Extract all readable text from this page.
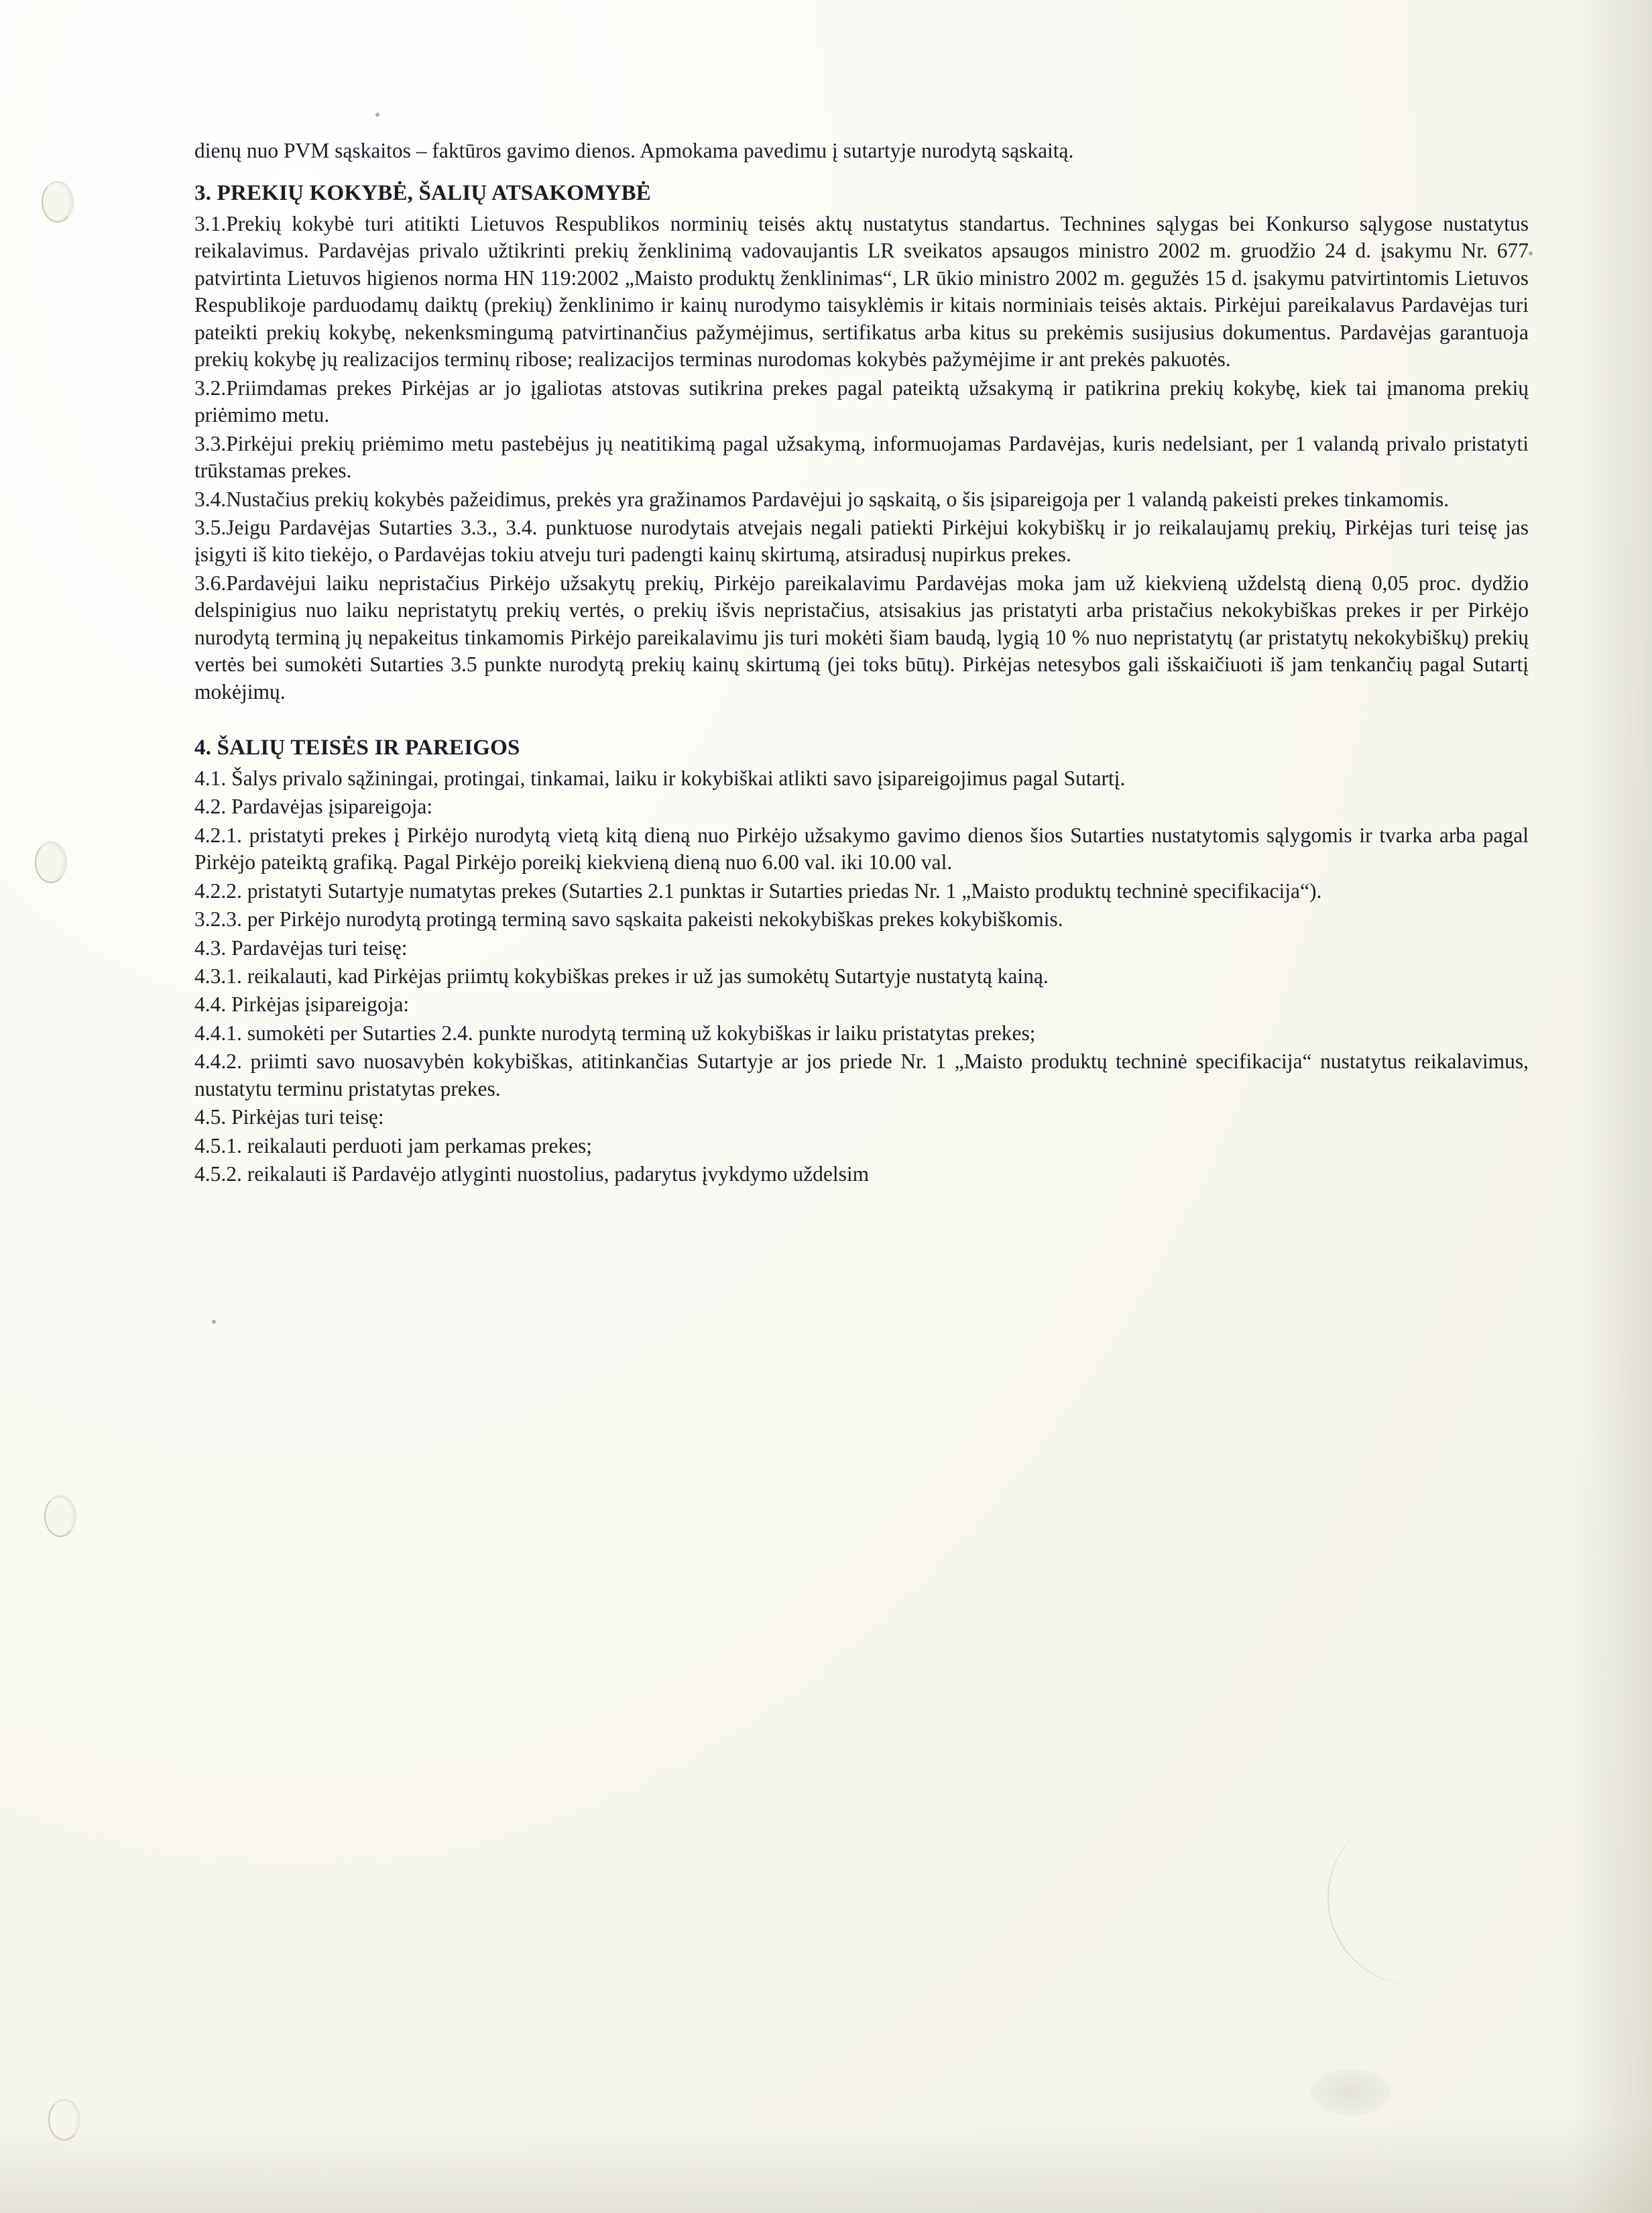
dienų nuo PVM sąskaitos – faktūros gavimo dienos. Apmokama pavedimu į sutartyje nurodytą sąskaitą.

3. PREKIŲ KOKYBĖ, ŠALIŲ ATSAKOMYBĖ

3.1.Prekių kokybė turi atitikti Lietuvos Respublikos norminių teisės aktų nustatytus standartus. Technines sąlygas bei Konkurso sąlygose nustatytus reikalavimus. Pardavėjas privalo užtikrinti prekių ženklinimą vadovaujantis LR sveikatos apsaugos ministro 2002 m. gruodžio 24 d. įsakymu Nr. 677 patvirtinta Lietuvos higienos norma HN 119:2002 „Maisto produktų ženklinimas“, LR ūkio ministro 2002 m. gegužės 15 d. įsakymu patvirtintomis Lietuvos Respublikoje parduodamų daiktų (prekių) ženklinimo ir kainų nurodymo taisyklėmis ir kitais norminiais teisės aktais. Pirkėjui pareikalavus Pardavėjas turi pateikti prekių kokybę, nekenksmingumą patvirtinančius pažymėjimus, sertifikatus arba kitus su prekėmis susijusius dokumentus. Pardavėjas garantuoja prekių kokybę jų realizacijos terminų ribose; realizacijos terminas nurodomas kokybės pažymėjime ir ant prekės pakuotės.

3.2.Priimdamas prekes Pirkėjas ar jo įgaliotas atstovas sutikrina prekes pagal pateiktą užsakymą ir patikrina prekių kokybę, kiek tai įmanoma prekių priėmimo metu.

3.3.Pirkėjui prekių priėmimo metu pastebėjus jų neatitikimą pagal užsakymą, informuojamas Pardavėjas, kuris nedelsiant, per 1 valandą privalo pristatyti trūkstamas prekes.

3.4.Nustačius prekių kokybės pažeidimus, prekės yra gražinamos Pardavėjui jo sąskaitą, o šis įsipareigoja per 1 valandą pakeisti prekes tinkamomis.

3.5.Jeigu Pardavėjas Sutarties 3.3., 3.4. punktuose nurodytais atvejais negali patiekti Pirkėjui kokybiškų ir jo reikalaujamų prekių, Pirkėjas turi teisę jas įsigyti iš kito tiekėjo, o Pardavėjas tokiu atveju turi padengti kainų skirtumą, atsiradusį nupirkus prekes.

3.6.Pardavėjui laiku nepristačius Pirkėjo užsakytų prekių, Pirkėjo pareikalavimu Pardavėjas moka jam už kiekvieną uždelstą dieną 0,05 proc. dydžio delspinigius nuo laiku nepristatytų prekių vertės, o prekių išvis nepristačius, atsisakius jas pristatyti arba pristačius nekokybiškas prekes ir per Pirkėjo nurodytą terminą jų nepakeitus tinkamomis Pirkėjo pareikalavimu jis turi mokėti šiam baudą, lygią 10 % nuo nepristatytų (ar pristatytų nekokybiškų) prekių vertės bei sumokėti Sutarties 3.5 punkte nurodytą prekių kainų skirtumą (jei toks būtų). Pirkėjas netesybos gali išskaičiuoti iš jam tenkančių pagal Sutartį mokėjimų.

4. ŠALIŲ TEISĖS IR PAREIGOS

4.1. Šalys privalo sąžiningai, protingai, tinkamai, laiku ir kokybiškai atlikti savo įsipareigojimus pagal Sutartį.

4.2. Pardavėjas įsipareigoja:

4.2.1. pristatyti prekes į Pirkėjo nurodytą vietą kitą dieną nuo Pirkėjo užsakymo gavimo dienos šios Sutarties nustatytomis sąlygomis ir tvarka arba pagal Pirkėjo pateiktą grafiką. Pagal Pirkėjo poreikį kiekvieną dieną nuo 6.00 val. iki 10.00 val.

4.2.2. pristatyti Sutartyje numatytas prekes (Sutarties 2.1 punktas ir Sutarties priedas Nr. 1 „Maisto produktų techninė specifikacija“).

3.2.3. per Pirkėjo nurodytą protingą terminą savo sąskaita pakeisti nekokybiškas prekes kokybiškomis.

4.3. Pardavėjas turi teisę:

4.3.1. reikalauti, kad Pirkėjas priimtų kokybiškas prekes ir už jas sumokėtų Sutartyje nustatytą kainą.

4.4. Pirkėjas įsipareigoja:

4.4.1. sumokėti per Sutarties 2.4. punkte nurodytą terminą už kokybiškas ir laiku pristatytas prekes;

4.4.2. priimti savo nuosavybėn kokybiškas, atitinkančias Sutartyje ar jos priede Nr. 1 „Maisto produktų techninė specifikacija“ nustatytus reikalavimus, nustatytu terminu pristatytas prekes.

4.5. Pirkėjas turi teisę:

4.5.1. reikalauti perduoti jam perkamas prekes;

4.5.2. reikalauti iš Pardavėjo atlyginti nuostolius, padarytus įvykdymo uždelsim
